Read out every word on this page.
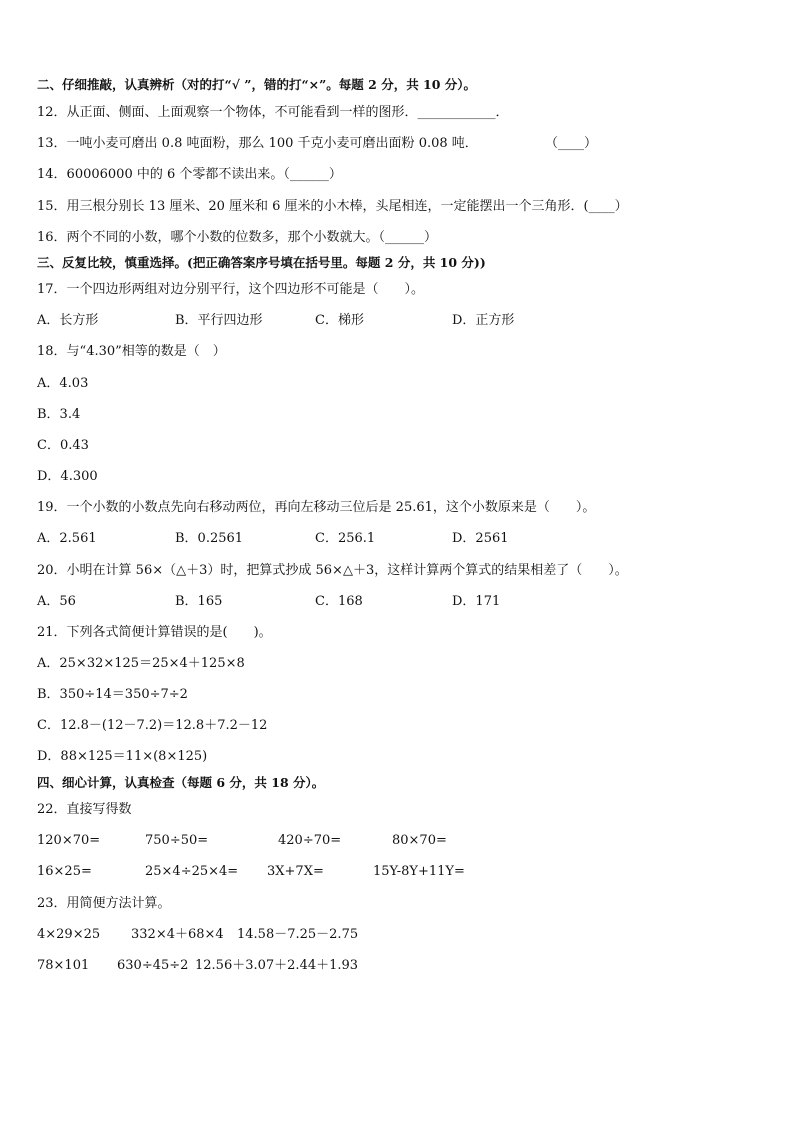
二、仔细推敲，认真辨析（对的打“√ ”，错的打“×”。每题 2 分，共 10 分）。
12．从正面、侧面、上面观察一个物体，不可能看到一样的图形．____________．
13．一吨小麦可磨出 0.8 吨面粉，那么 100 千克小麦可磨出面粉 0.08 吨．	（____）
14．60006000 中的 6 个零都不读出来。（______）
15．用三根分别长 13 厘米、20 厘米和 6 厘米的小木棒，头尾相连，一定能摆出一个三角形．(____）
16．两个不同的小数，哪个小数的位数多，那个小数就大。（______）
三、反复比较，慎重选择。(把正确答案序号填在括号里。每题 2 分，共 10 分))
17．一个四边形两组对边分别平行，这个四边形不可能是（　　）。
A．长方形	B．平行四边形	C．梯形	D．正方形
18．与“4.30”相等的数是（　）
A．4.03
B．3.4
C．0.43
D．4.300
19．一个小数的小数点先向右移动两位，再向左移动三位后是 25.61，这个小数原来是（　　）。
A．2.561	B．0.2561	C．256.1	D．2561
20．小明在计算 56×（△＋3）时，把算式抄成 56×△＋3，这样计算两个算式的结果相差了（　　）。
A．56	B．165	C．168	D．171
21．下列各式简便计算错误的是(　　)。
A．25×32×125＝25×4＋125×8
B．350÷14＝350÷7÷2
C．12.8－(12－7.2)＝12.8＋7.2－12
D．88×125＝11×(8×125)
四、细心计算，认真检查（每题 6 分，共 18 分）。
22．直接写得数
120×70=	750÷50=	420÷70=	80×70=
16×25=	25×4÷25×4= 3X+7X=	15Y-8Y+11Y=
23．用简便方法计算。
4×29×25 332×4＋68×4 14.58－7.25－2.75
78×101 630÷45÷2 12.56＋3.07＋2.44＋1.93
